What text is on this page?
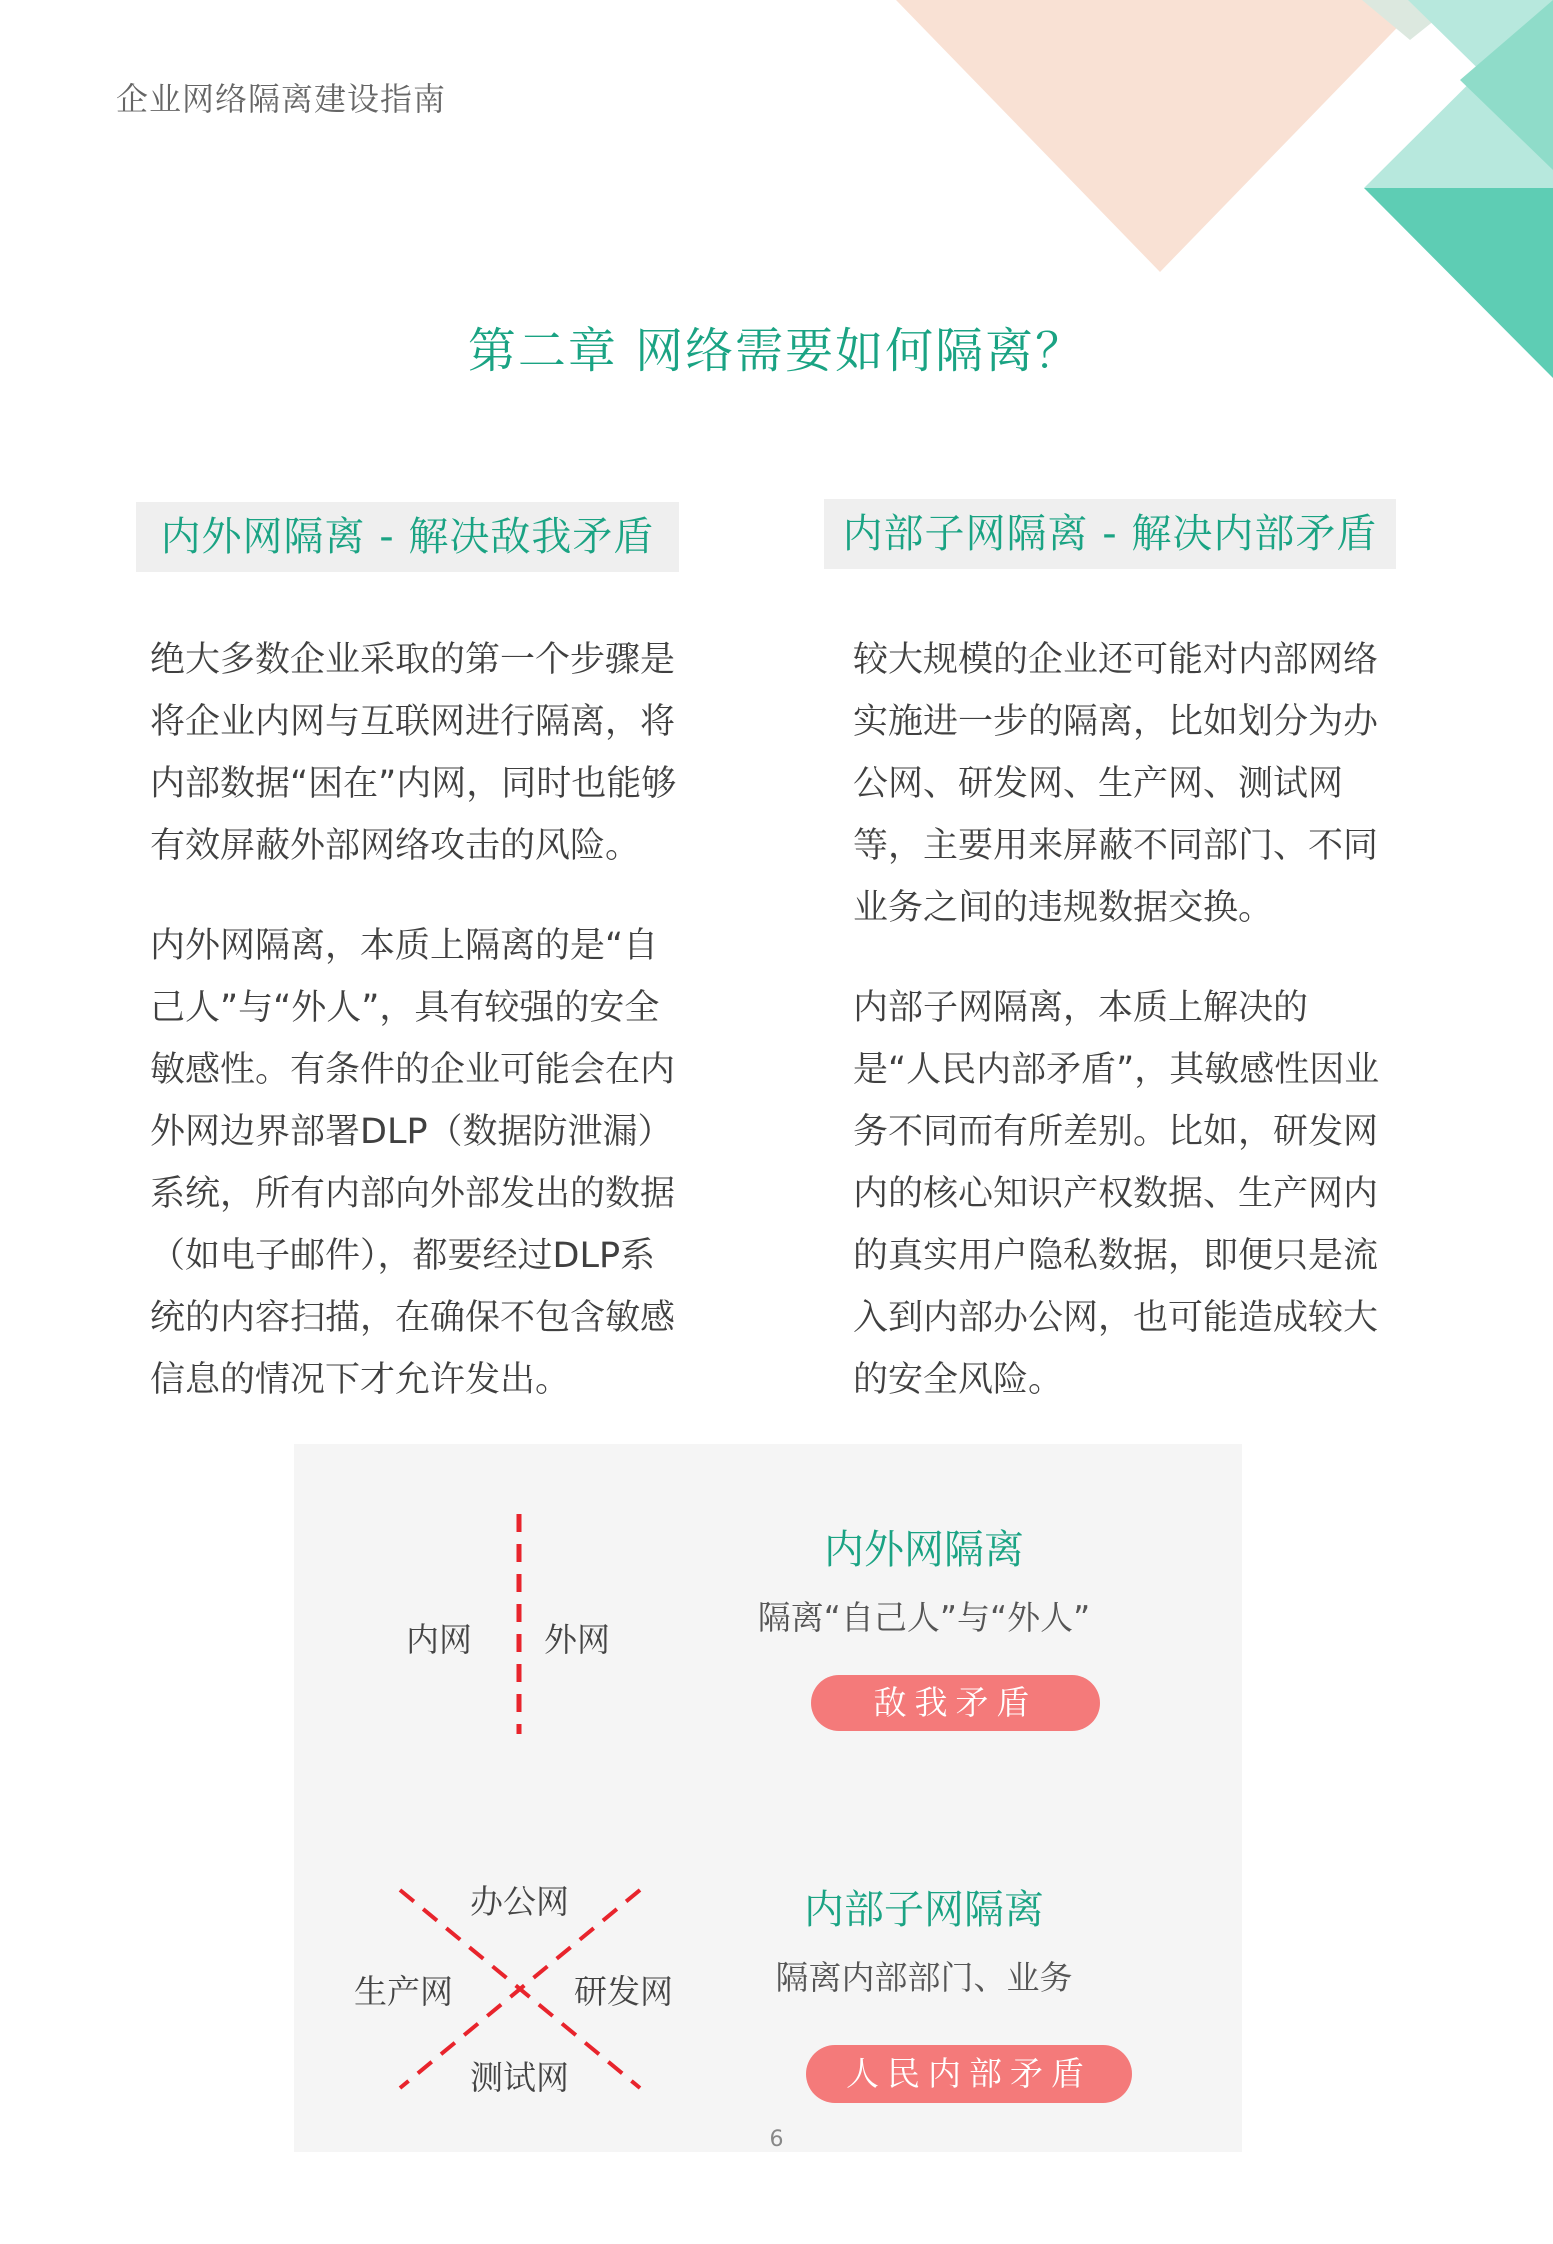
企业网络隔离建设指南
第二章 网络需要如何隔离？
内外网隔离 - 解决敌我矛盾	内部子网隔离 - 解决内部矛盾

绝大多数企业采取的第一个步骤是将企业内网与互联网进行隔离，将内部数据“困在”内网，同时也能够有效屏蔽外部网络攻击的风险。

内外网隔离，本质上隔离的是“自己人”与“外人”，具有较强的安全敏感性。有条件的企业可能会在内外网边界部署DLP（数据防泄漏）系统，所有内部向外部发出的数据（如电子邮件），都要经过DLP系统的内容扫描，在确保不包含敏感信息的情况下才允许发出。

较大规模的企业还可能对内部网络实施进一步的隔离，比如划分为办公网、研发网、生产网、测试网等，主要用来屏蔽不同部门、不同业务之间的违规数据交换。

内部子网隔离，本质上解决的是“人民内部矛盾”，其敏感性因业务不同而有所差别。比如，研发网内的核心知识产权数据、生产网内的真实用户隐私数据，即便只是流入到内部办公网，也可能造成较大的安全风险。

内网 外网
内外网隔离
隔离“自己人”与“外人”
敌我矛盾
办公网
生产网	研发网
测试网
内部子网隔离
隔离内部部门、业务
人民内部矛盾
6
